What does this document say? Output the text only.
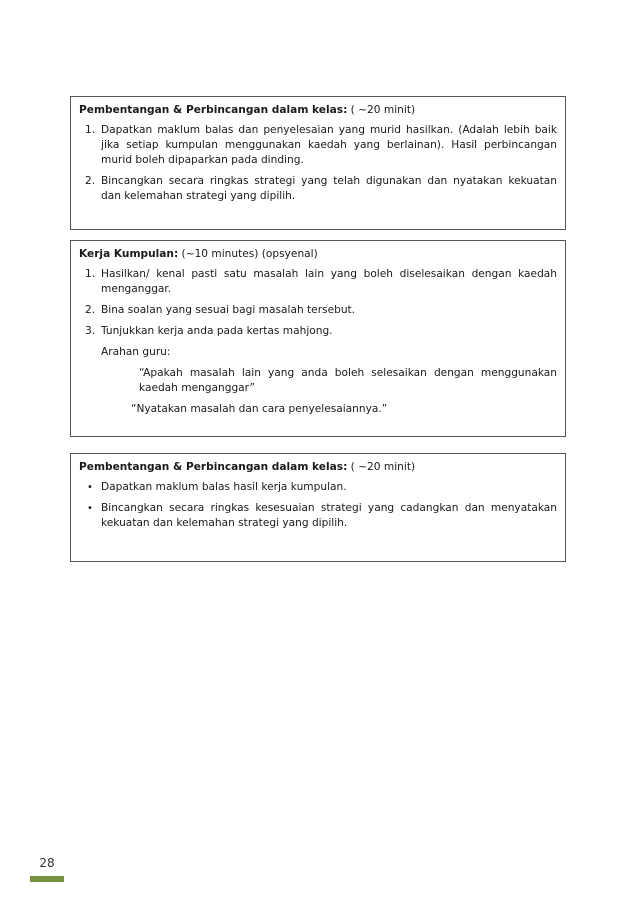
Pembentangan & Perbincangan dalam kelas: ( ~20 minit)
1. Dapatkan maklum balas dan penyelesaian yang murid hasilkan. (Adalah lebih baik jika setiap kumpulan menggunakan kaedah yang berlainan). Hasil perbincangan murid boleh dipaparkan pada dinding.
2. Bincangkan secara ringkas strategi yang telah digunakan dan nyatakan kekuatan dan kelemahan strategi yang dipilih.
Kerja Kumpulan: (~10 minutes) (opsyenal)
1. Hasilkan/ kenal pasti satu masalah lain yang boleh diselesaikan dengan kaedah menganggar.
2. Bina soalan yang sesuai bagi masalah tersebut.
3. Tunjukkan kerja anda pada kertas mahjong.
Arahan guru:
“Apakah masalah lain yang anda boleh selesaikan dengan menggunakan kaedah menganggar”
“Nyatakan masalah dan cara penyelesaiannya.”
Pembentangan & Perbincangan dalam kelas: ( ~20 minit)
• Dapatkan maklum balas hasil kerja kumpulan.
• Bincangkan secara ringkas kesesuaian strategi yang cadangkan dan menyatakan kekuatan dan kelemahan strategi yang dipilih.
28
